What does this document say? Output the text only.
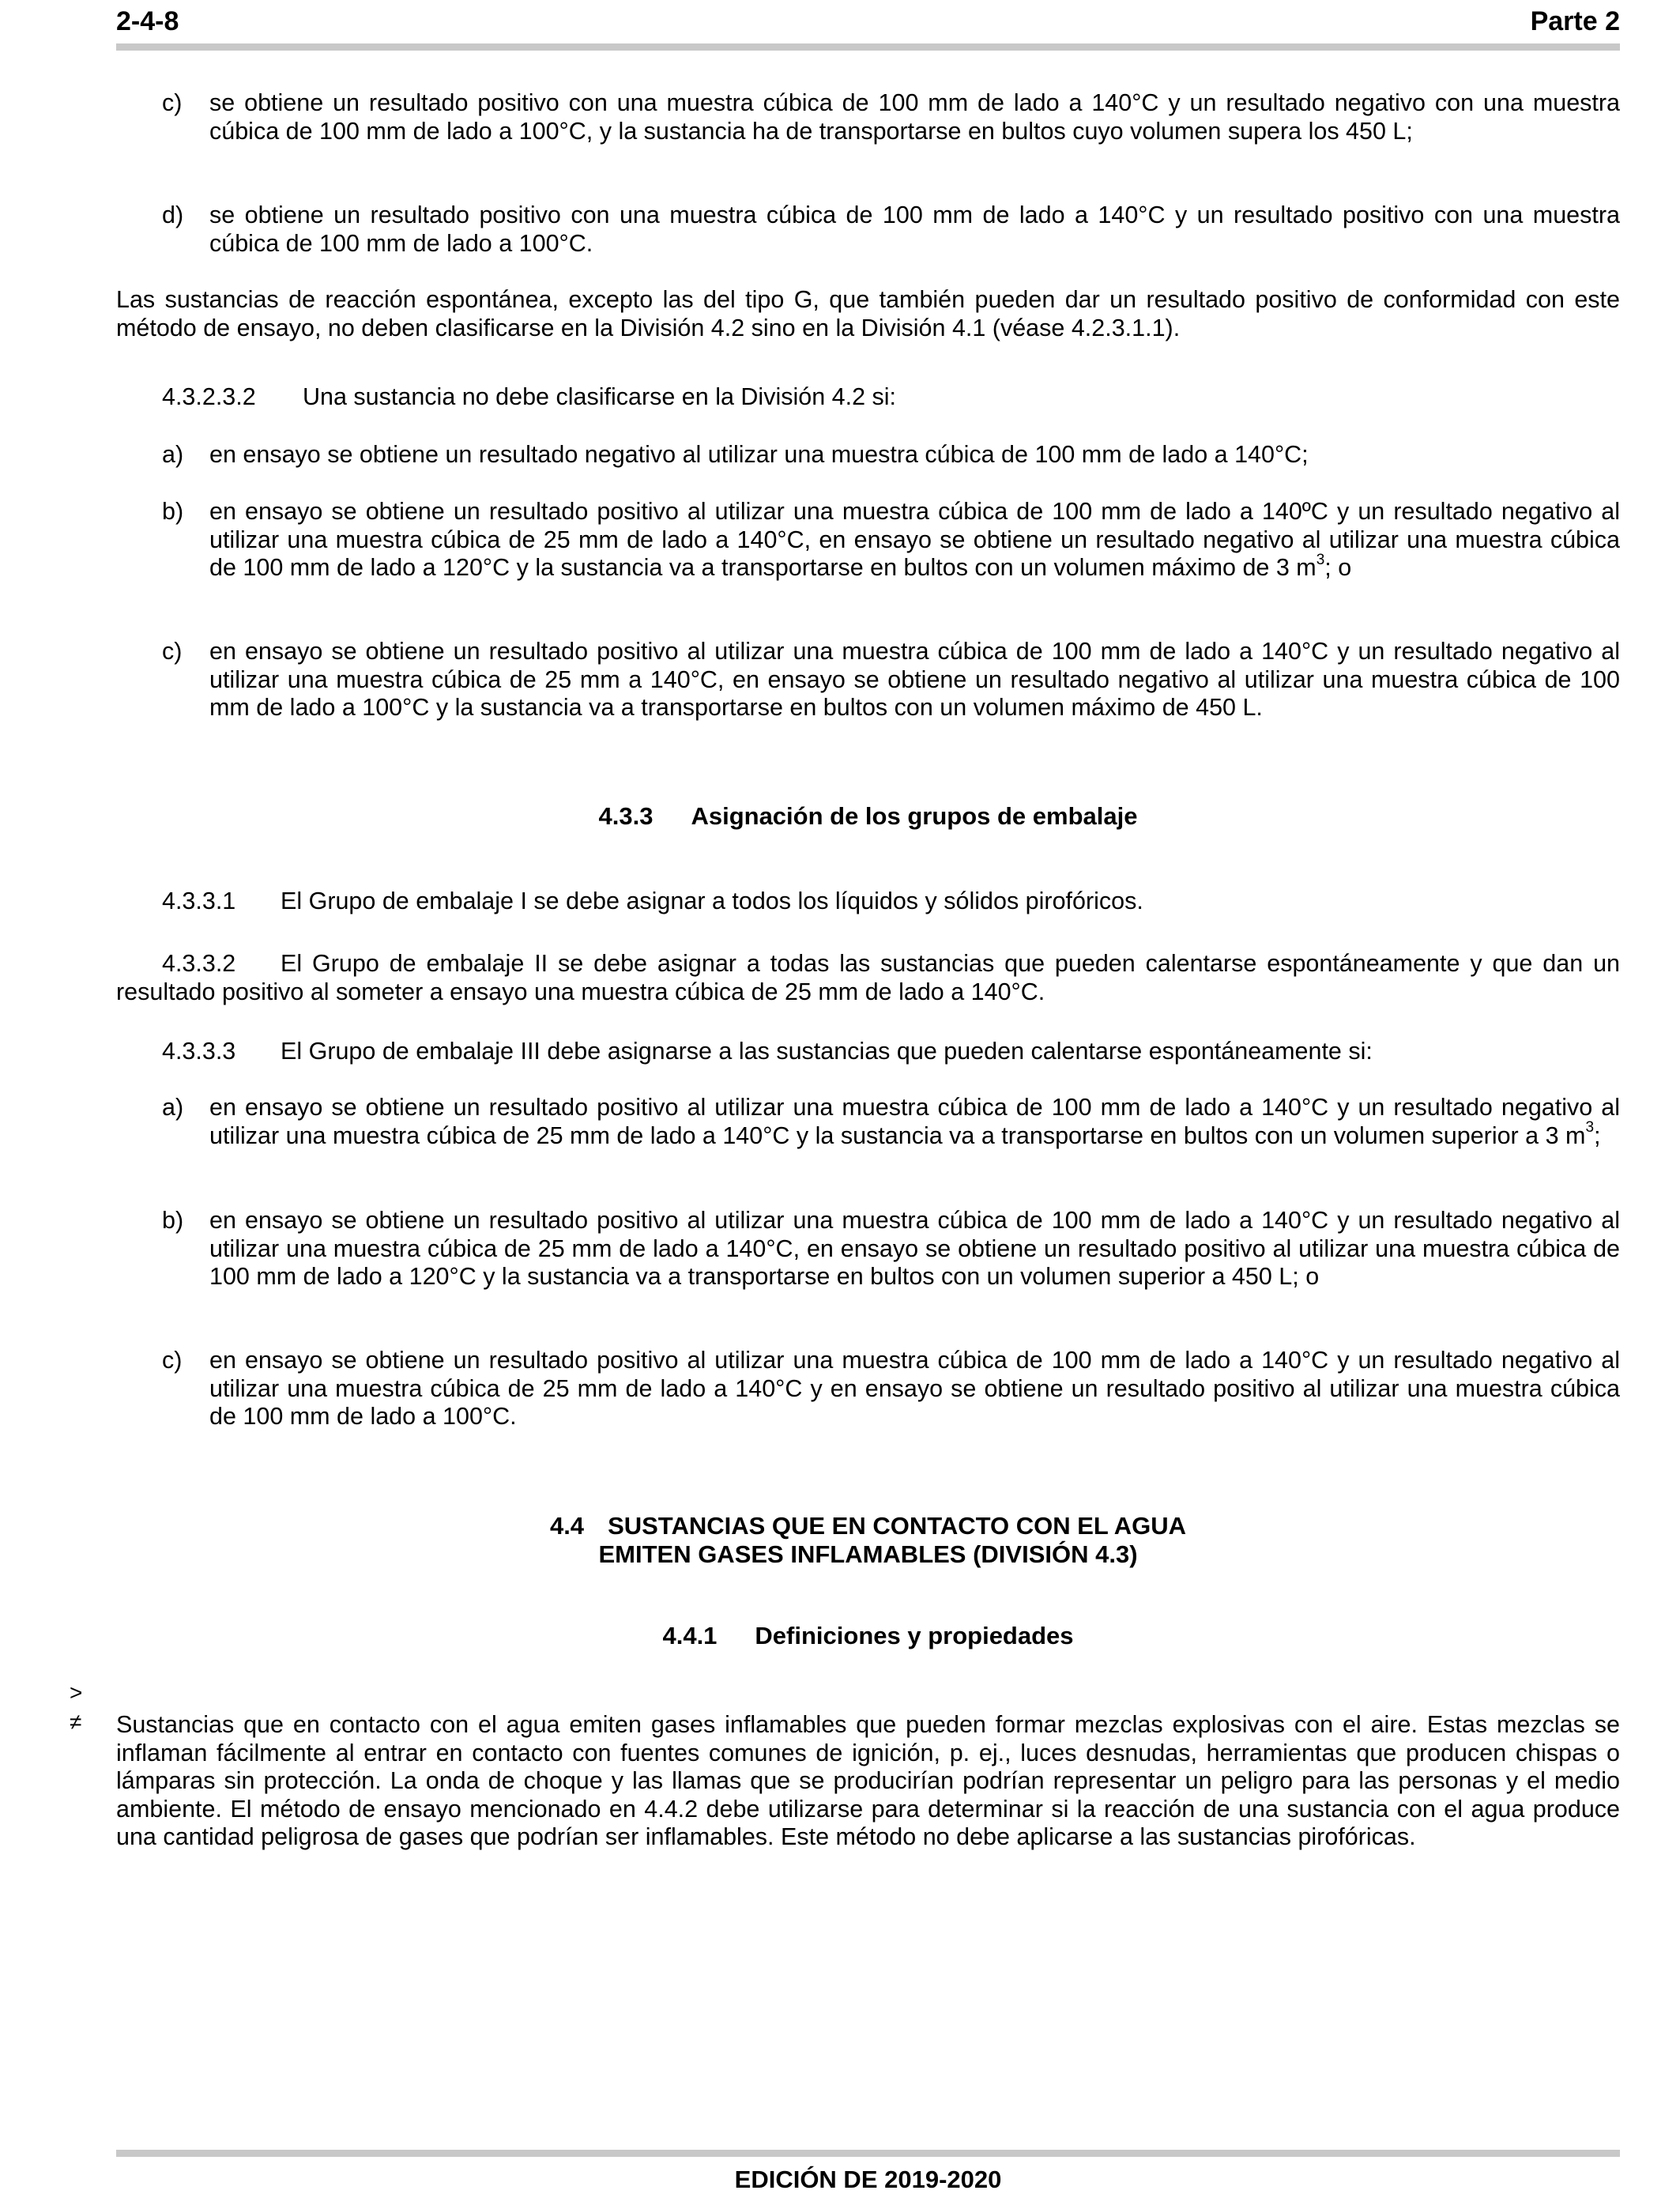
2-4-8	Parte 2
c)	se obtiene un resultado positivo con una muestra cúbica de 100 mm de lado a 140°C y un resultado negativo con una muestra cúbica de 100 mm de lado a 100°C, y la sustancia ha de transportarse en bultos cuyo volumen supera los 450 L;
d)	se obtiene un resultado positivo con una muestra cúbica de 100 mm de lado a 140°C y un resultado positivo con una muestra cúbica de 100 mm de lado a 100°C.
Las sustancias de reacción espontánea, excepto las del tipo G, que también pueden dar un resultado positivo de conformidad con este método de ensayo, no deben clasificarse en la División 4.2 sino en la División 4.1 (véase 4.2.3.1.1).
4.3.2.3.2 Una sustancia no debe clasificarse en la División 4.2 si:
a)	en ensayo se obtiene un resultado negativo al utilizar una muestra cúbica de 100 mm de lado a 140°C;
b)	en ensayo se obtiene un resultado positivo al utilizar una muestra cúbica de 100 mm de lado a 140ºC y un resultado negativo al utilizar una muestra cúbica de 25 mm de lado a 140°C, en ensayo se obtiene un resultado negativo al utilizar una muestra cúbica de 100 mm de lado a 120°C y la sustancia va a transportarse en bultos con un volumen máximo de 3 $m^3$; o
c)	en ensayo se obtiene un resultado positivo al utilizar una muestra cúbica de 100 mm de lado a 140°C y un resultado negativo al utilizar una muestra cúbica de 25 mm a 140°C, en ensayo se obtiene un resultado negativo al utilizar una muestra cúbica de 100 mm de lado a 100°C y la sustancia va a transportarse en bultos con un volumen máximo de 450 L.
4.3.3 Asignación de los grupos de embalaje
4.3.3.1 El Grupo de embalaje I se debe asignar a todos los líquidos y sólidos pirofóricos.
4.3.3.2 El Grupo de embalaje II se debe asignar a todas las sustancias que pueden calentarse espontáneamente y que dan un resultado positivo al someter a ensayo una muestra cúbica de 25 mm de lado a 140°C.
4.3.3.3 El Grupo de embalaje III debe asignarse a las sustancias que pueden calentarse espontáneamente si:
a)	en ensayo se obtiene un resultado positivo al utilizar una muestra cúbica de 100 mm de lado a 140°C y un resultado negativo al utilizar una muestra cúbica de 25 mm de lado a 140°C y la sustancia va a transportarse en bultos con un volumen superior a 3 $m^3$;
b)	en ensayo se obtiene un resultado positivo al utilizar una muestra cúbica de 100 mm de lado a 140°C y un resultado negativo al utilizar una muestra cúbica de 25 mm de lado a 140°C, en ensayo se obtiene un resultado positivo al utilizar una muestra cúbica de 100 mm de lado a 120°C y la sustancia va a transportarse en bultos con un volumen superior a 450 L; o
c)	en ensayo se obtiene un resultado positivo al utilizar una muestra cúbica de 100 mm de lado a 140°C y un resultado negativo al utilizar una muestra cúbica de 25 mm de lado a 140°C y en ensayo se obtiene un resultado positivo al utilizar una muestra cúbica de 100 mm de lado a 100°C.
4.4 SUSTANCIAS QUE EN CONTACTO CON EL AGUA
EMITEN GASES INFLAMABLES (DIVISIÓN 4.3)
4.4.1 Definiciones y propiedades
>
≠ Sustancias que en contacto con el agua emiten gases inflamables que pueden formar mezclas explosivas con el aire. Estas mezclas se inflaman fácilmente al entrar en contacto con fuentes comunes de ignición, p. ej., luces desnudas, herramientas que producen chispas o lámparas sin protección. La onda de choque y las llamas que se producirían podrían representar un peligro para las personas y el medio ambiente. El método de ensayo mencionado en 4.4.2 debe utilizarse para determinar si la reacción de una sustancia con el agua produce una cantidad peligrosa de gases que podrían ser inflamables. Este método no debe aplicarse a las sustancias pirofóricas.
EDICIÓN DE 2019-2020
